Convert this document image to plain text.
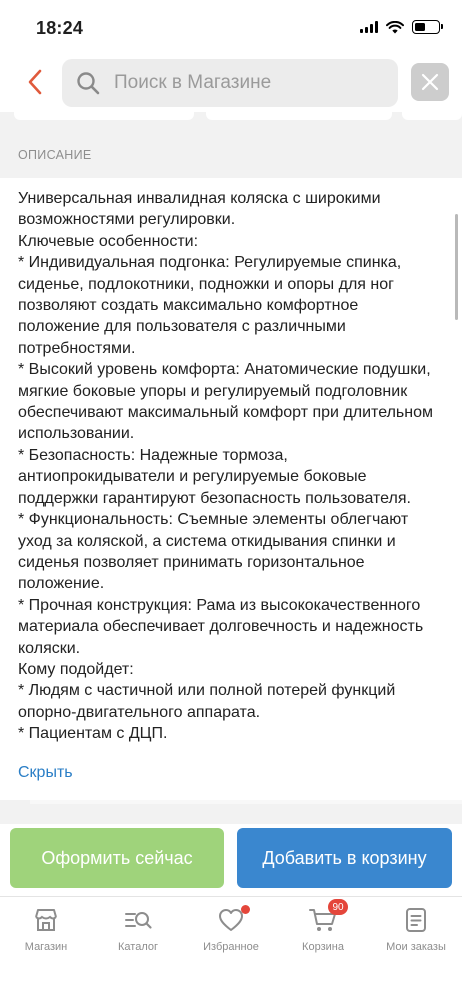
18:24
Поиск в Магазине
ОПИСАНИЕ
Универсальная инвалидная коляска с широкими возможностями регулировки.
Ключевые особенности:
* Индивидуальная подгонка: Регулируемые спинка, сиденье, подлокотники, подножки и опоры для ног позволяют создать максимально комфортное положение для пользователя с различными потребностями.
* Высокий уровень комфорта: Анатомические подушки, мягкие боковые упоры и регулируемый подголовник обеспечивают максимальный комфорт при длительном использовании.
* Безопасность: Надежные тормоза, антиопрокидыватели и регулируемые боковые поддержки гарантируют безопасность пользователя.
* Функциональность: Съемные элементы облегчают уход за коляской, а система откидывания спинки и сиденья позволяет принимать горизонтальное положение.
* Прочная конструкция: Рама из высококачественного материала обеспечивает долговечность и надежность коляски.
Кому подойдет:
* Людям с частичной или полной потерей функций опорно-двигательного аппарата.
* Пациентам с ДЦП.
Скрыть
Оформить сейчас	Добавить в корзину
Магазин	Каталог	Избранное
90
Корзина	Мои заказы
